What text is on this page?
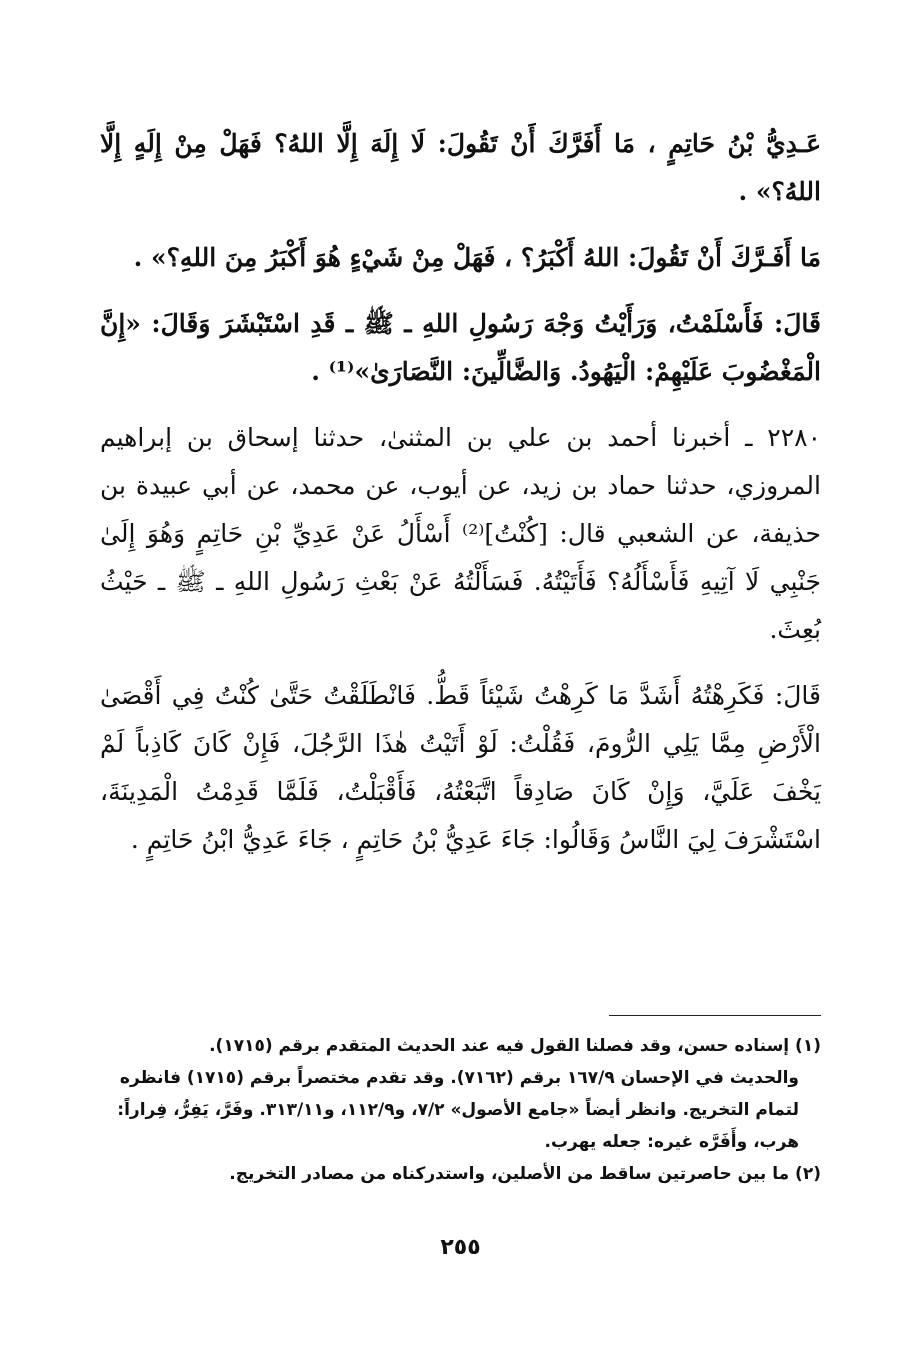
عَـدِيُّ بْنُ حَاتِمٍ ، مَا أَفَرَّكَ أَنْ تَقُولَ: لَا إِلَهَ إِلَّا اللهُ؟ فَهَلْ مِنْ إِلَهٍ إِلَّا اللهُ؟» .

مَا أَفَـرَّكَ أَنْ تَقُولَ: اللهُ أَكْبَرُ؟ ، فَهَلْ مِنْ شَيْءٍ هُوَ أَكْبَرُ مِنَ اللهِ؟» .

قَالَ: فَأَسْلَمْتُ، وَرَأَيْتُ وَجْهَ رَسُولِ اللهِ ـ ﷺ ـ قَدِ اسْتَبْشَرَ وَقَالَ: «إِنَّ الْمَغْضُوبَ عَلَيْهِمْ: الْيَهُودُ. وَالضَّالِّينَ: النَّصَارَىٰ»⁽¹⁾ .

٢٢٨٠ ـ أخبرنا أحمد بن علي بن المثنىٰ، حدثنا إسحاق بن إبراهيم المروزي، حدثنا حماد بن زيد، عن أيوب، عن محمد، عن أبي عبيدة بن حذيفة، عن الشعبي قال: [كُنْتُ]⁽²⁾ أَسْأَلُ عَنْ عَدِيِّ بْنِ حَاتِمٍ وَهُوَ إِلَىٰ جَنْبِي لَا آتِيهِ فَأَسْأَلُهُ؟ فَأَتَيْتُهُ. فَسَأَلْتُهُ عَنْ بَعْثِ رَسُولِ اللهِ ـ ﷺ ـ حَيْثُ بُعِثَ.

قَالَ: فَكَرِهْتُهُ أَشَدَّ مَا كَرِهْتُ شَيْئاً قَطُّ. فَانْطَلَقْتُ حَتَّىٰ كُنْتُ فِي أَقْصَىٰ الْأَرْضِ مِمَّا يَلِي الرُّومَ، فَقُلْتُ: لَوْ أَتَيْتُ هٰذَا الرَّجُلَ، فَإِنْ كَانَ كَاذِباً لَمْ يَخْفَ عَلَيَّ، وَإِنْ كَانَ صَادِقاً اتَّبَعْتُهُ، فَأَقْبَلْتُ، فَلَمَّا قَدِمْتُ الْمَدِينَةَ، اسْتَشْرَفَ لِيَ النَّاسُ وَقَالُوا: جَاءَ عَدِيُّ بْنُ حَاتِمٍ ، جَاءَ عَدِيُّ ابْنُ حَاتِمٍ .

(١) إسناده حسن، وقد فصلنا القول فيه عند الحديث المتقدم برقم (١٧١٥).

والحديث في الإحسان ١٦٧/٩ برقم (٧١٦٢). وقد تقدم مختصراً برقم (١٧١٥) فانظره لتمام التخريج. وانظر أيضاً «جامع الأصول» ٧/٢، و١١٢/٩، و٣١٣/١١. وفَرَّ، يَفِرُّ، فِراراً: هرب، وأَفَرَّه غيره: جعله يهرب.

(٢) ما بين حاصرتين ساقط من الأصلين، واستدركناه من مصادر التخريج.

٢٥٥
